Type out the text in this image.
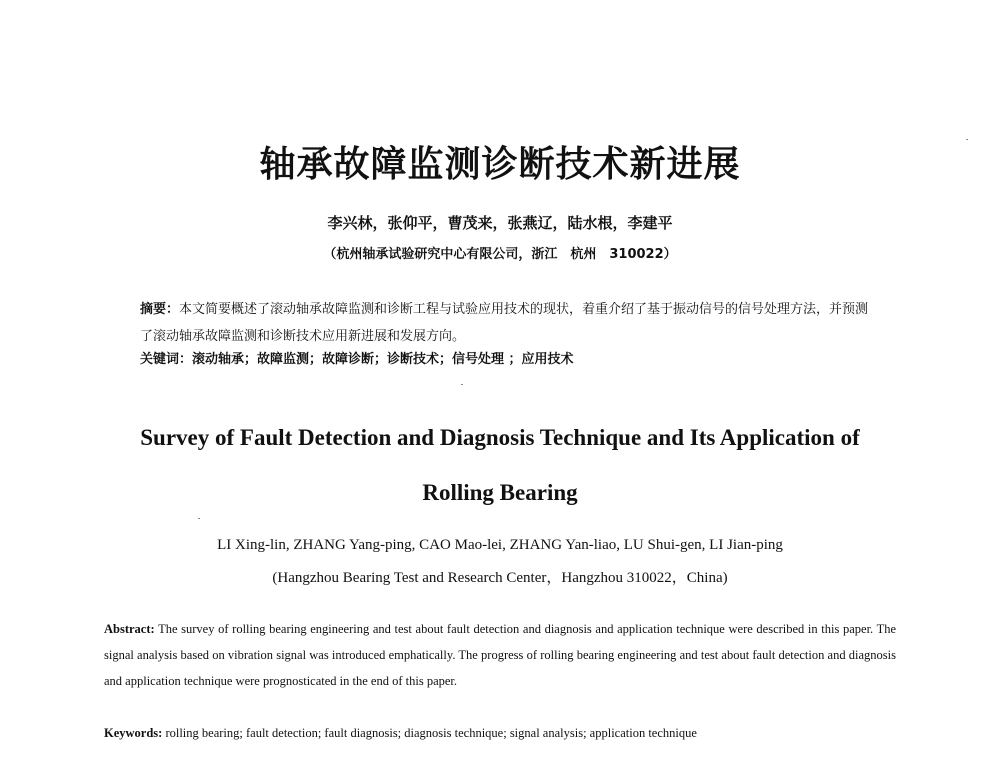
轴承故障监测诊断技术新进展
李兴林，张仰平，曹茂来，张燕辽，陆水根，李建平
（杭州轴承试验研究中心有限公司，浙江　杭州　310022）
摘要：本文简要概述了滚动轴承故障监测和诊断工程与试验应用技术的现状，着重介绍了基于振动信号的信号处理方法，并预测了滚动轴承故障监测和诊断技术应用新进展和发展方向。
关键词：滚动轴承；故障监测；故障诊断；诊断技术；信号处理 ；应用技术
Survey of Fault Detection and Diagnosis Technique and Its Application of
Rolling Bearing
LI Xing-lin, ZHANG Yang-ping, CAO Mao-lei, ZHANG Yan-liao, LU Shui-gen, LI Jian-ping
(Hangzhou Bearing Test and Research Center，Hangzhou 310022，China)
Abstract: The survey of rolling bearing engineering and test about fault detection and diagnosis and application technique were described in this paper. The signal analysis based on vibration signal was introduced emphatically. The progress of rolling bearing engineering and test about fault detection and diagnosis and application technique were prognosticated in the end of this paper.
Keywords: rolling bearing; fault detection; fault diagnosis; diagnosis technique; signal analysis; application technique
